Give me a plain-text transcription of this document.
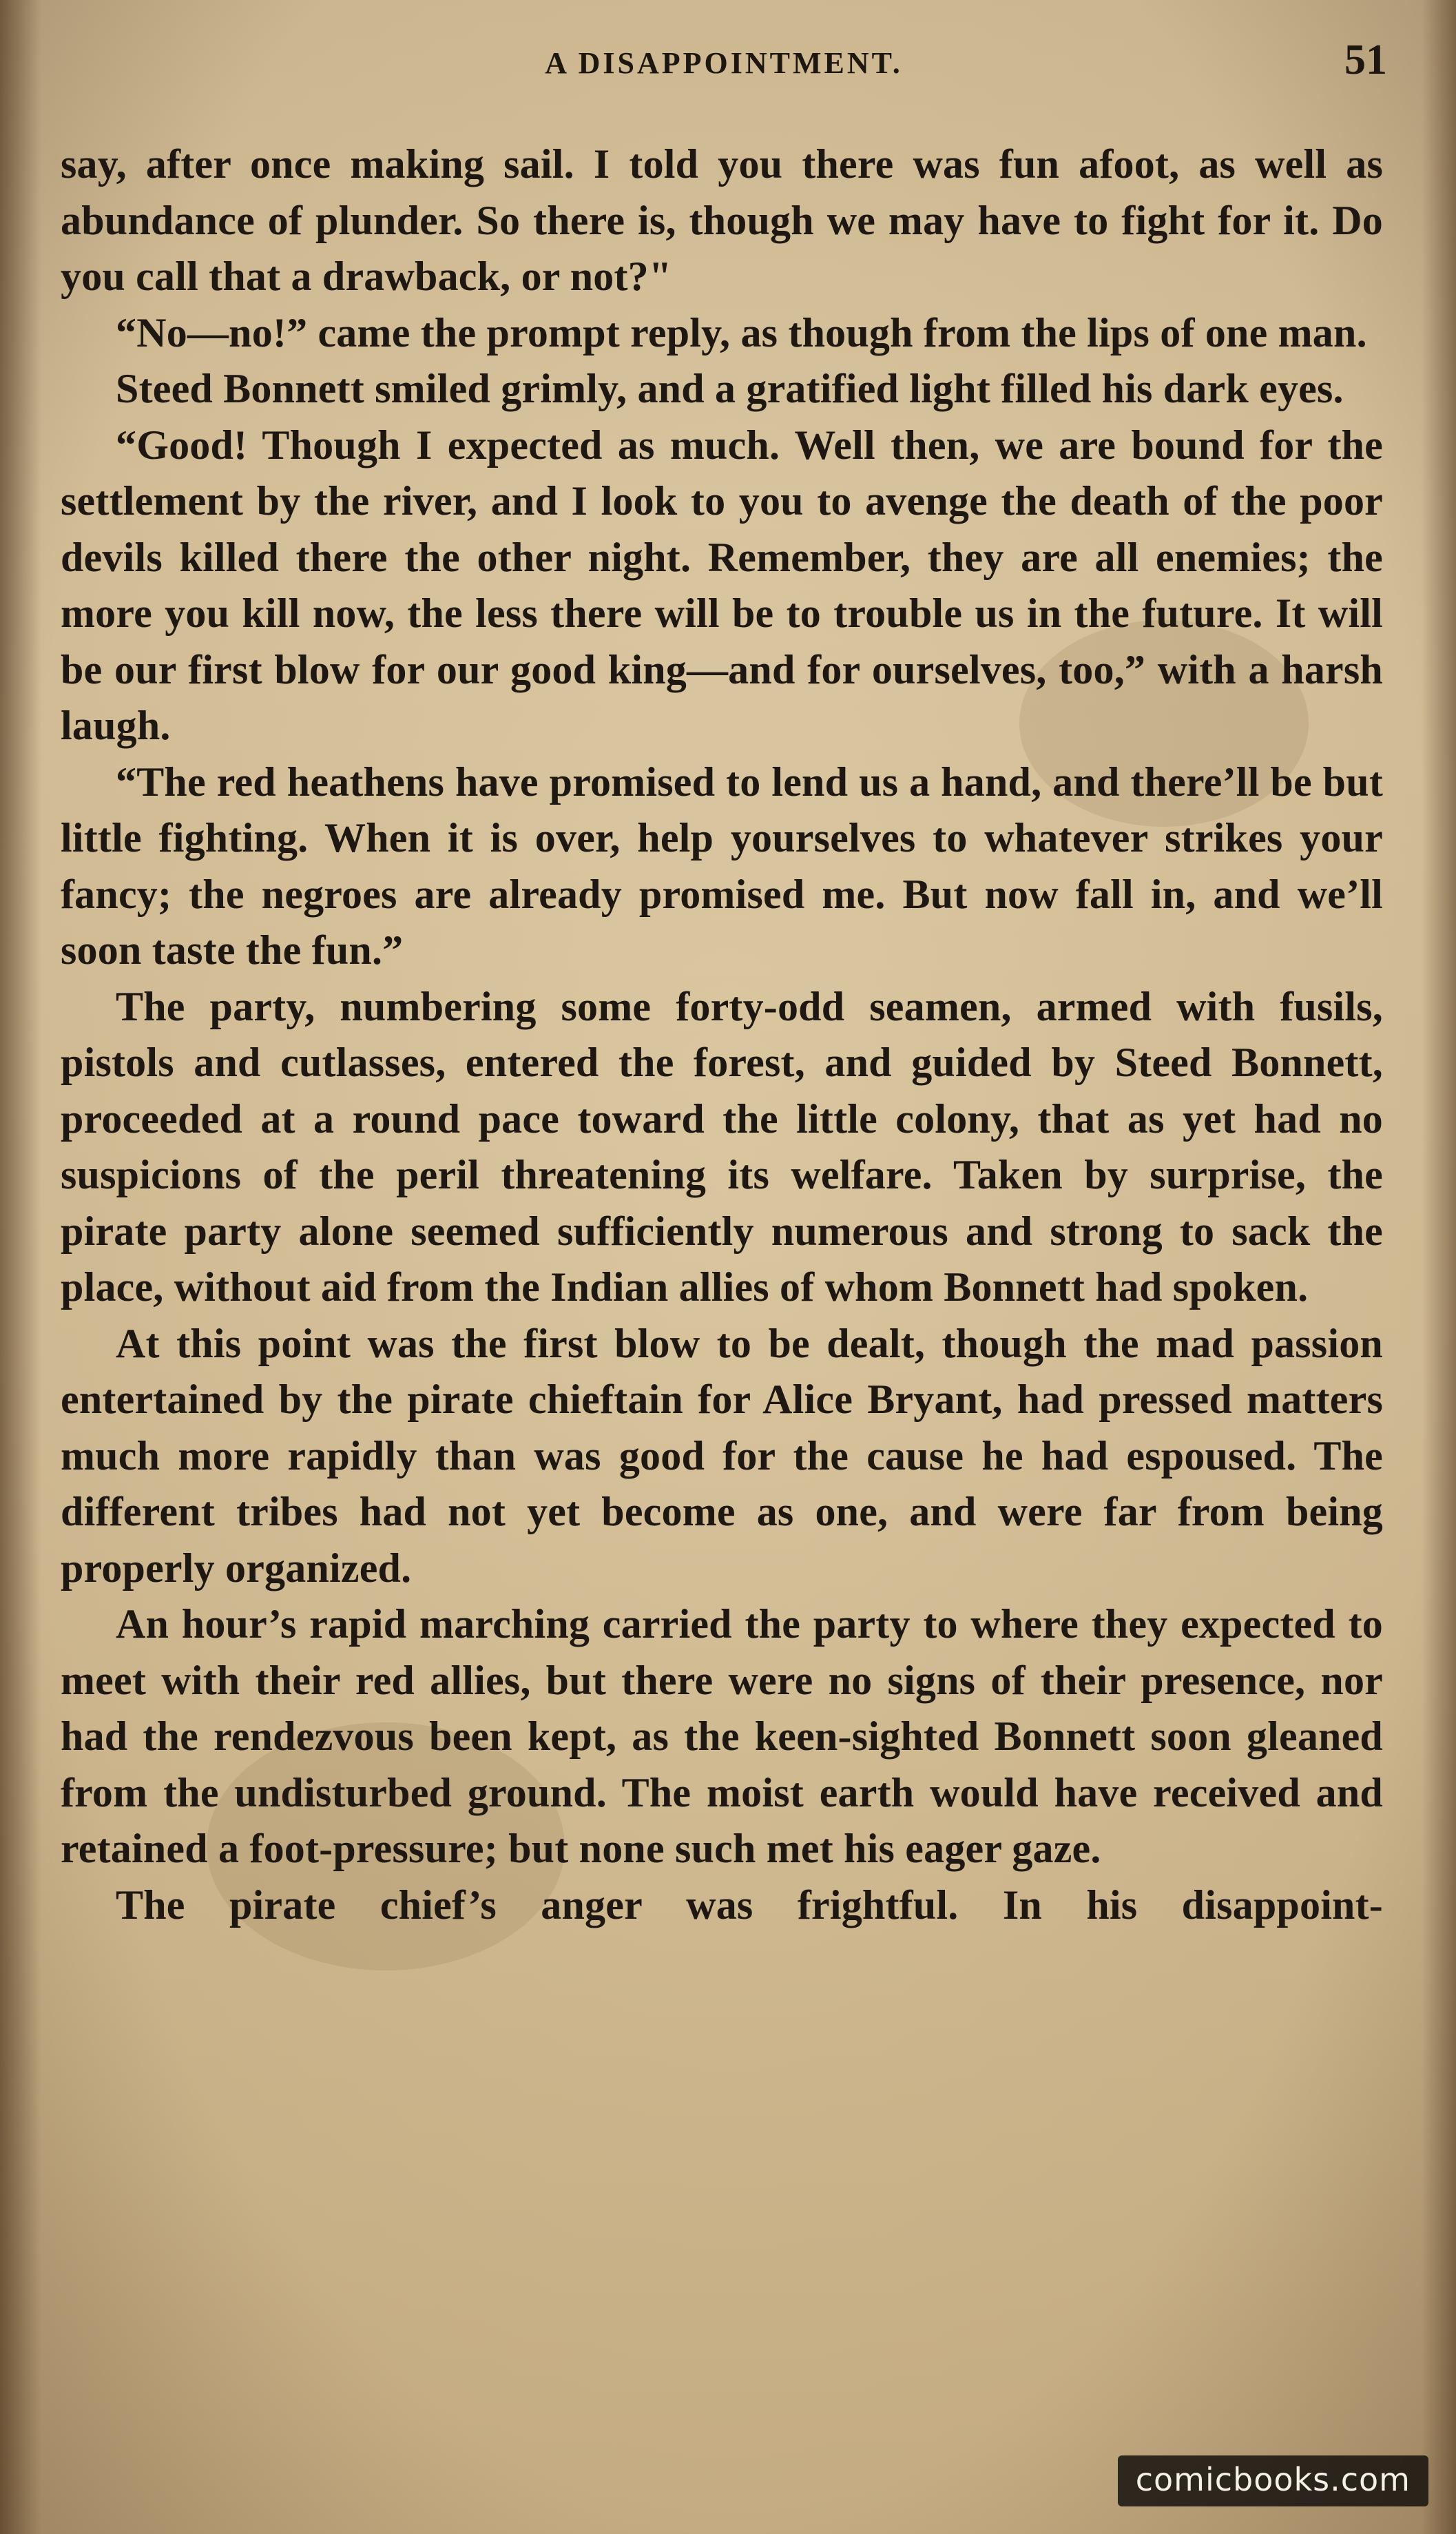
A DISAPPOINTMENT.	51

say, after once making sail. I told you there was fun afoot, as well as abundance of plunder. So there is, though we may have to fight for it. Do you call that a drawback, or not?"

“No—no!” came the prompt reply, as though from the lips of one man.

Steed Bonnett smiled grimly, and a gratified light filled his dark eyes.

“Good! Though I expected as much. Well then, we are bound for the settlement by the river, and I look to you to avenge the death of the poor devils killed there the other night. Remember, they are all enemies; the more you kill now, the less there will be to trouble us in the future. It will be our first blow for our good king—and for ourselves, too,” with a harsh laugh.

“The red heathens have promised to lend us a hand, and there’ll be but little fighting. When it is over, help yourselves to whatever strikes your fancy; the negroes are already promised me. But now fall in, and we’ll soon taste the fun.”

The party, numbering some forty-odd seamen, armed with fusils, pistols and cutlasses, entered the forest, and guided by Steed Bonnett, proceeded at a round pace toward the little colony, that as yet had no suspicions of the peril threatening its welfare. Taken by surprise, the pirate party alone seemed sufficiently numerous and strong to sack the place, without aid from the Indian allies of whom Bonnett had spoken.

At this point was the first blow to be dealt, though the mad passion entertained by the pirate chieftain for Alice Bryant, had pressed matters much more rapidly than was good for the cause he had espoused. The different tribes had not yet become as one, and were far from being properly organized.

An hour’s rapid marching carried the party to where they expected to meet with their red allies, but there were no signs of their presence, nor had the rendezvous been kept, as the keen-sighted Bonnett soon gleaned from the undisturbed ground. The moist earth would have received and retained a foot-pressure; but none such met his eager gaze.

The pirate chief’s anger was frightful. In his disappoint-

comicbooks.com
